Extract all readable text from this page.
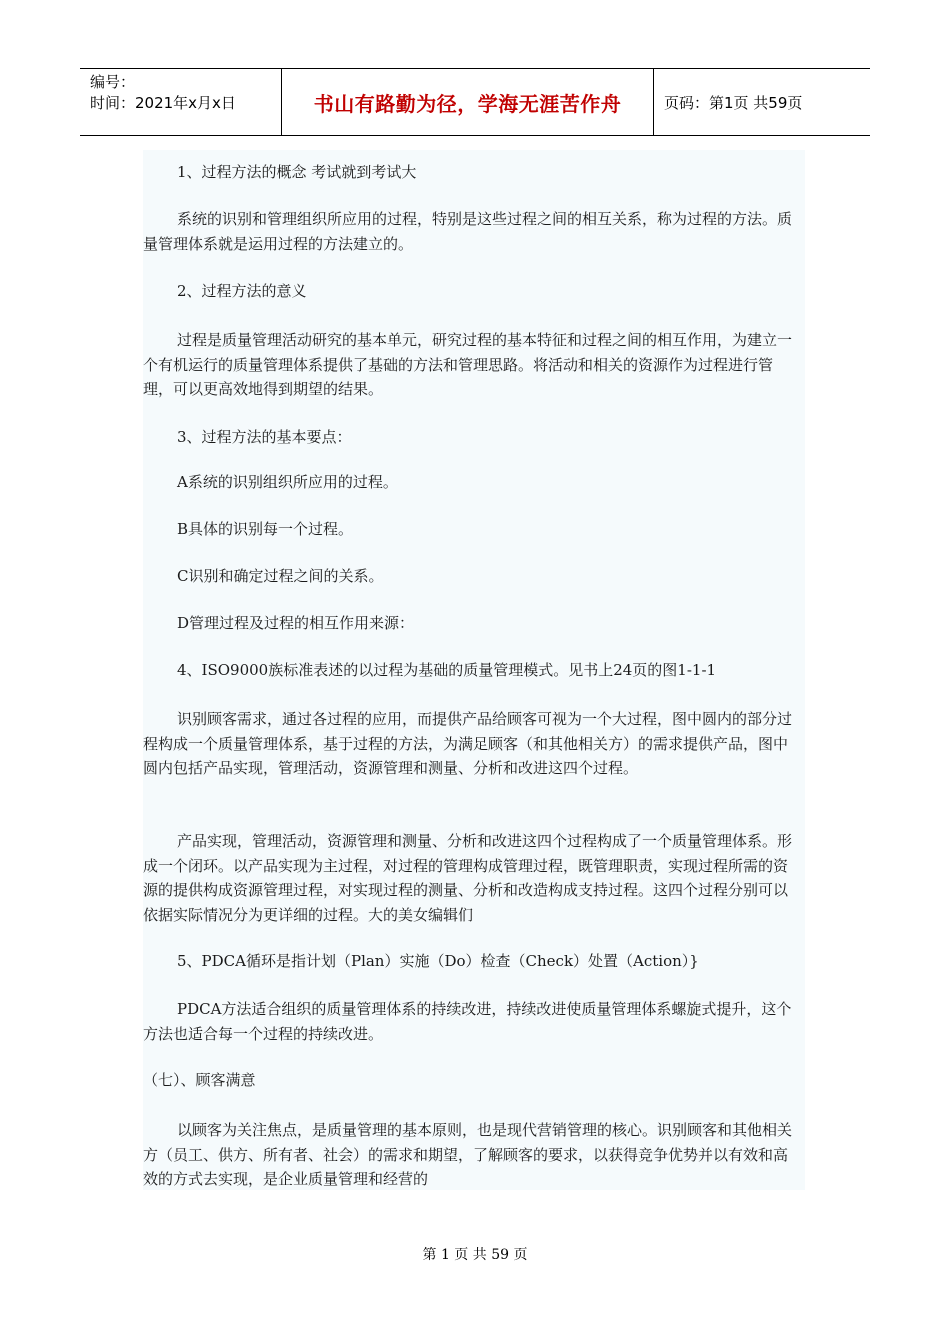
编号：
时间：2021年x月x日	书山有路勤为径，学海无涯苦作舟	页码：第1页 共59页

1、过程方法的概念 考试就到考试大

系统的识别和管理组织所应用的过程，特别是这些过程之间的相互关系，称为过程的方法。质量管理体系就是运用过程的方法建立的。

2、过程方法的意义

过程是质量管理活动研究的基本单元，研究过程的基本特征和过程之间的相互作用，为建立一个有机运行的质量管理体系提供了基础的方法和管理思路。将活动和相关的资源作为过程进行管理，可以更高效地得到期望的结果。

3、过程方法的基本要点：

A系统的识别组织所应用的过程。

B具体的识别每一个过程。

C识别和确定过程之间的关系。

D管理过程及过程的相互作用来源：

4、ISO9000族标准表述的以过程为基础的质量管理模式。见书上24页的图1-1-1

识别顾客需求，通过各过程的应用，而提供产品给顾客可视为一个大过程，图中圆内的部分过程构成一个质量管理体系，基于过程的方法，为满足顾客（和其他相关方）的需求提供产品，图中圆内包括产品实现，管理活动，资源管理和测量、分析和改进这四个过程。

产品实现，管理活动，资源管理和测量、分析和改进这四个过程构成了一个质量管理体系。形成一个闭环。以产品实现为主过程，对过程的管理构成管理过程，既管理职责，实现过程所需的资源的提供构成资源管理过程，对实现过程的测量、分析和改造构成支持过程。这四个过程分别可以依据实际情况分为更详细的过程。大的美女编辑们

5、PDCA循环是指计划（Plan）实施（Do）检查（Check）处置（Action）}

PDCA方法适合组织的质量管理体系的持续改进，持续改进使质量管理体系螺旋式提升，这个方法也适合每一个过程的持续改进。

（七）、顾客满意

以顾客为关注焦点，是质量管理的基本原则，也是现代营销管理的核心。识别顾客和其他相关方（员工、供方、所有者、社会）的需求和期望，了解顾客的要求，以获得竞争优势并以有效和高效的方式去实现，是企业质量管理和经营的

第 1 页 共 59 页
